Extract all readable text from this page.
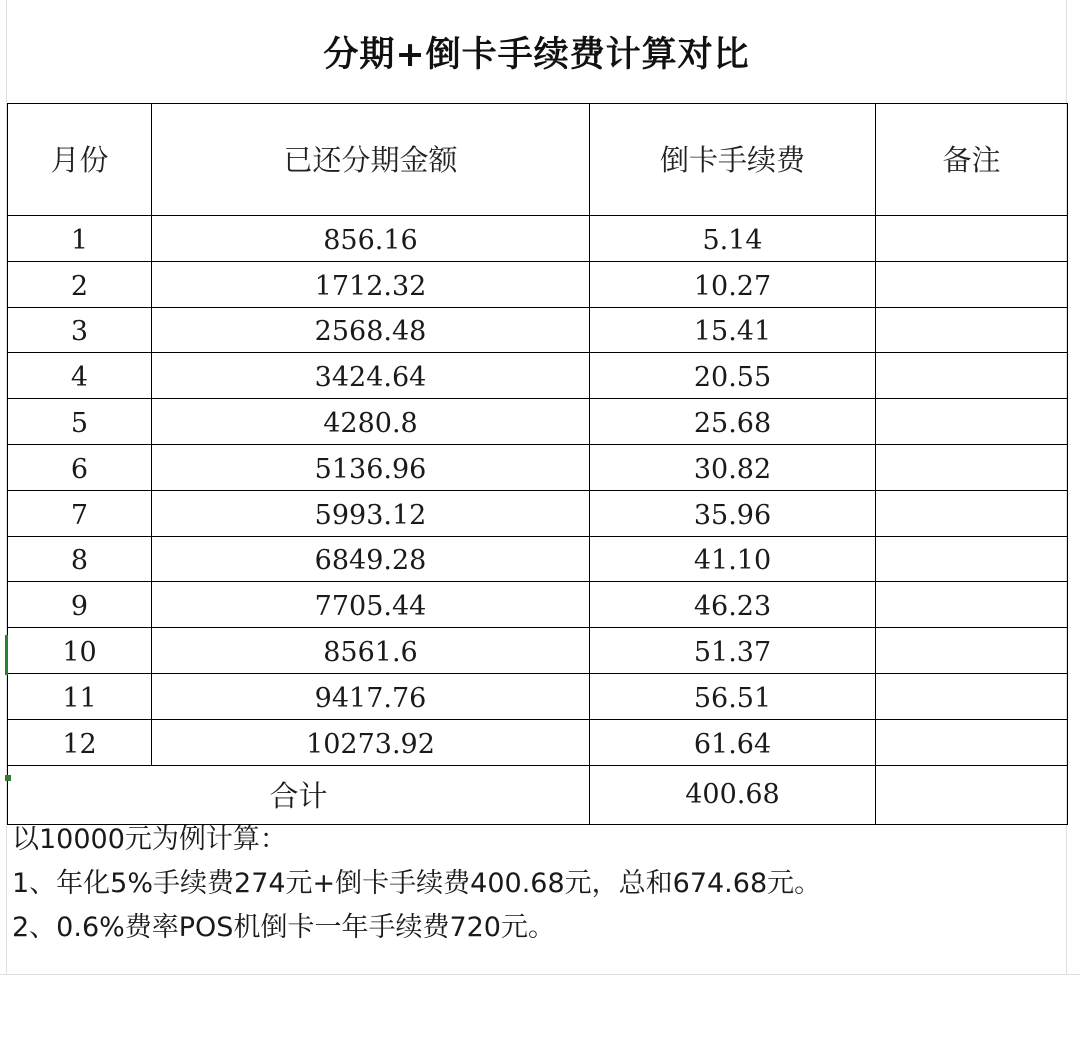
分期+倒卡手续费计算对比
月份	已还分期金额	倒卡手续费	备注
1	856.16	5.14	
2	1712.32	10.27	
3	2568.48	15.41	
4	3424.64	20.55	
5	4280.8	25.68	
6	5136.96	30.82	
7	5993.12	35.96	
8	6849.28	41.10	
9	7705.44	46.23	
10	8561.6	51.37	
11	9417.76	56.51	
12	10273.92	61.64	
合计		400.68	
以10000元为例计算：
1、年化5%手续费274元+倒卡手续费400.68元，总和674.68元。
2、0.6%费率POS机倒卡一年手续费720元。
